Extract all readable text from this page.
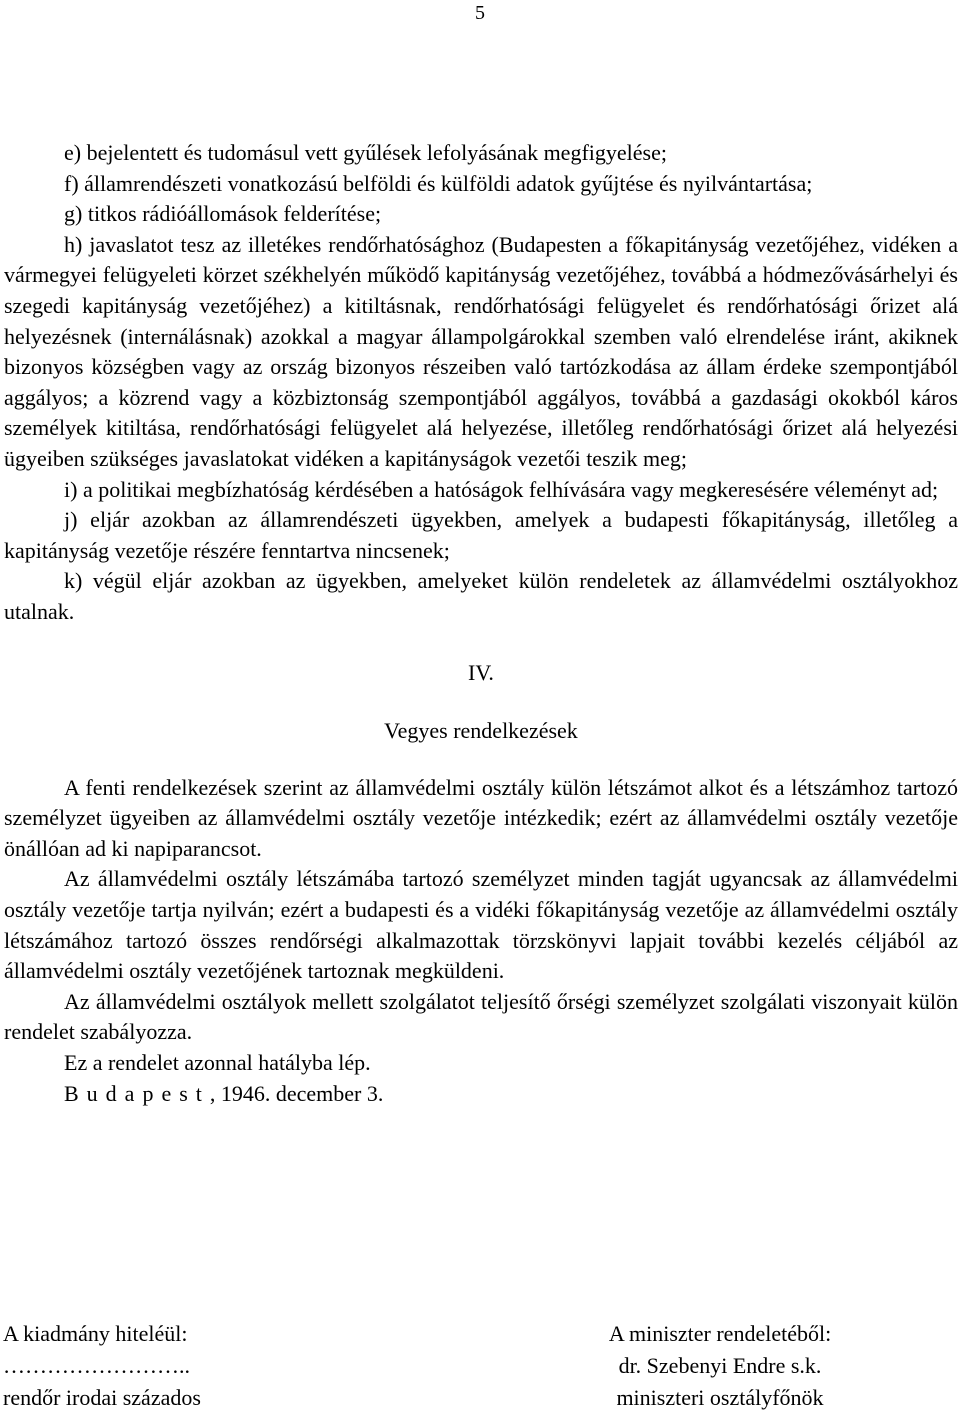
5

e) bejelentett és tudomásul vett gyűlések lefolyásának megfigyelése;

f) államrendészeti vonatkozású belföldi és külföldi adatok gyűjtése és nyilvántartása;

g) titkos rádióállomások felderítése;

h) javaslatot tesz az illetékes rendőrhatósághoz (Budapesten a főkapitányság vezetőjéhez, vidéken a vármegyei felügyeleti körzet székhelyén működő kapitányság vezetőjéhez, továbbá a hódmezővásárhelyi és szegedi kapitányság vezetőjéhez) a kitiltásnak, rendőrhatósági felügyelet és rendőrhatósági őrizet alá helyezésnek (internálásnak) azokkal a magyar állampolgárokkal szemben való elrendelése iránt, akiknek bizonyos községben vagy az ország bizonyos részeiben való tartózkodása az állam érdeke szempontjából aggályos; a közrend vagy a közbiztonság szempontjából aggályos, továbbá a gazdasági okokból káros személyek kitiltása, rendőrhatósági felügyelet alá helyezése, illetőleg rendőrhatósági őrizet alá helyezési ügyeiben szükséges javaslatokat vidéken a kapitányságok vezetői teszik meg;

i) a politikai megbízhatóság kérdésében a hatóságok felhívására vagy megkeresésére véleményt ad;

j) eljár azokban az államrendészeti ügyekben, amelyek a budapesti főkapitányság, illetőleg a kapitányság vezetője részére fenntartva nincsenek;

k) végül eljár azokban az ügyekben, amelyeket külön rendeletek az államvédelmi osztályokhoz utalnak.

IV.

Vegyes rendelkezések

A fenti rendelkezések szerint az államvédelmi osztály külön létszámot alkot és a létszámhoz tartozó személyzet ügyeiben az államvédelmi osztály vezetője intézkedik; ezért az államvédelmi osztály vezetője önállóan ad ki napiparancsot.

Az államvédelmi osztály létszámába tartozó személyzet minden tagját ugyancsak az államvédelmi osztály vezetője tartja nyilván; ezért a budapesti és a vidéki főkapitányság vezetője az államvédelmi osztály létszámához tartozó összes rendőrségi alkalmazottak törzskönyvi lapjait további kezelés céljából az államvédelmi osztály vezetőjének tartoznak megküldeni.

Az államvédelmi osztályok mellett szolgálatot teljesítő őrségi személyzet szolgálati viszonyait külön rendelet szabályozza.

Ez a rendelet azonnal hatályba lép.

Budapest, 1946. december 3.

A kiadmány hiteléül:
……………………..
rendőr irodai százados
A miniszter rendeletéből:
dr. Szebenyi Endre s.k.
miniszteri osztályfőnök
